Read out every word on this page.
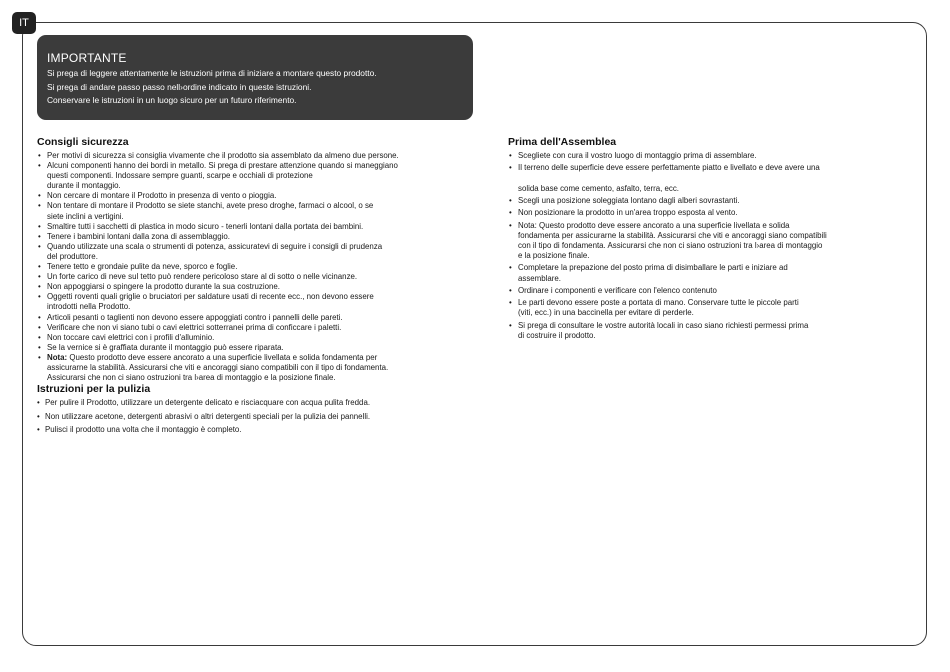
IT
IMPORTANTE

Si prega di leggere attentamente le istruzioni prima di iniziare a montare questo prodotto.

Si prega di andare passo passo nell›ordine indicato in queste istruzioni.

Conservare le istruzioni in un luogo sicuro per un futuro riferimento.

Consigli sicurezza
• Per motivi di sicurezza si consiglia vivamente che il prodotto sia assemblato da almeno due persone.
• Alcuni componenti hanno dei bordi in metallo. Si prega di prestare attenzione quando si maneggiano
questi componenti. Indossare sempre guanti, scarpe e occhiali di protezione
durante il montaggio.
• Non cercare di montare il Prodotto in presenza di vento o pioggia.
• Non tentare di montare il Prodotto se siete stanchi, avete preso droghe, farmaci o alcool, o se
siete inclini a vertigini.
• Smaltire tutti i sacchetti di plastica in modo sicuro - tenerli lontani dalla portata dei bambini.
• Tenere i bambini lontani dalla zona di assemblaggio.
• Quando utilizzate una scala o strumenti di potenza, assicuratevi di seguire i consigli di prudenza
del produttore.
• Tenere tetto e grondaie pulite da neve, sporco e foglie.
• Un forte carico di neve sul tetto può rendere pericoloso stare al di sotto o nelle vicinanze.
• Non appoggiarsi o spingere la prodotto durante la sua costruzione.
• Oggetti roventi quali griglie o bruciatori per saldature usati di recente ecc., non devono essere
introdotti nella Prodotto.
• Articoli pesanti o taglienti non devono essere appoggiati contro i pannelli delle pareti.
• Verificare che non vi siano tubi o cavi elettrici sotterranei prima di conficcare i paletti.
• Non toccare cavi elettrici con i profili d'alluminio.
• Se la vernice si è graffiata durante il montaggio può essere riparata.
• Nota: Questo prodotto deve essere ancorato a una superficie livellata e solida fondamenta per
assicurarne la stabilità. Assicurarsi che viti e ancoraggi siano compatibili con il tipo di fondamenta.
Assicurarsi che non ci siano ostruzioni tra l›area di montaggio e la posizione finale.
Istruzioni per la pulizia
• Per pulire il Prodotto, utilizzare un detergente delicato e risciacquare con acqua pulita fredda.
• Non utilizzare acetone, detergenti abrasivi o altri detergenti speciali per la pulizia dei pannelli.
• Pulisci il prodotto una volta che il montaggio è completo.
Prima dell'Assemblea
• Scegliete con cura il vostro luogo di montaggio prima di assemblare.
• Il terreno delle superficie deve essere perfettamente piatto e livellato e deve avere una

solida base come cemento, asfalto, terra, ecc.
• Scegli una posizione soleggiata lontano dagli alberi sovrastanti.
• Non posizionare la prodotto in un'area troppo esposta al vento.
• Nota: Questo prodotto deve essere ancorato a una superficie livellata e solida
fondamenta per assicurarne la stabilità. Assicurarsi che viti e ancoraggi siano compatibili
con il tipo di fondamenta. Assicurarsi che non ci siano ostruzioni tra l›area di montaggio
e la posizione finale.
• Completare la prepazione del posto prima di disimballare le parti e iniziare ad
assemblare.
• Ordinare i componenti e verificare con l'elenco contenuto
• Le parti devono essere poste a portata di mano. Conservare tutte le piccole parti
(viti, ecc.) in una baccinella per evitare di perderle.
• Si prega di consultare le vostre autorità locali in caso siano richiesti permessi prima
di costruire il prodotto.
